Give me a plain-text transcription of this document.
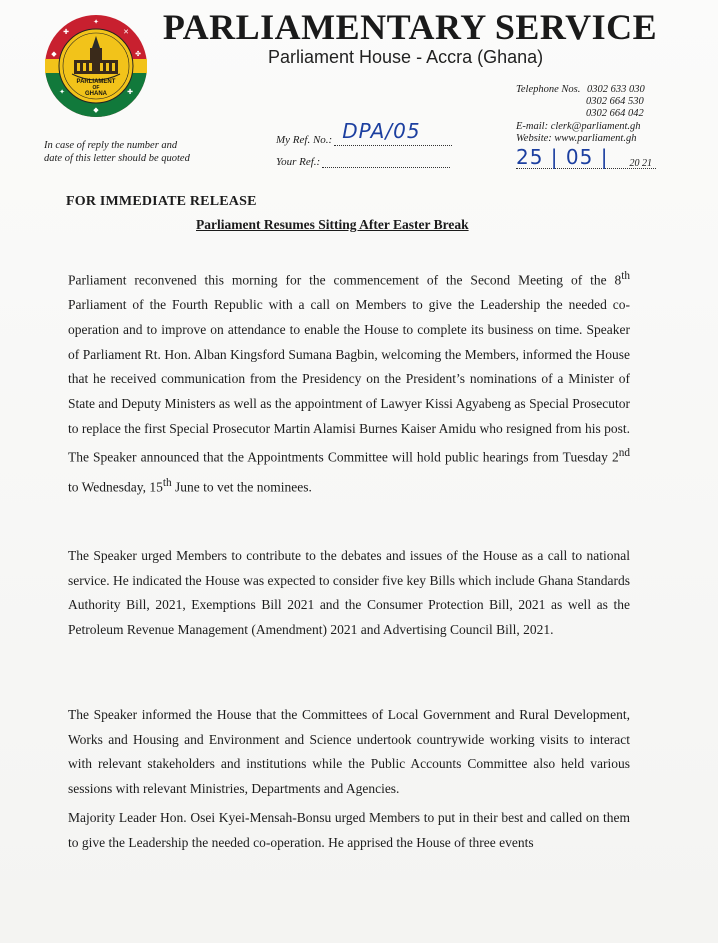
✦
✚	✕
◆	✤
✦	✚
◆
PARLIAMENT
OF
GHANA
PARLIAMENTARY SERVICE
Parliament House - Accra (Ghana)
Telephone Nos. 0302 633 030
0302 664 530
0302 664 042
E-mail: clerk@parliament.gh
Website: www.parliament.gh
In case of reply the number and date of this letter should be quoted
My Ref. No.: DPA/05
Your Ref.:	25 | 05 | 20 21
FOR IMMEDIATE RELEASE
Parliament Resumes Sitting After Easter Break

Parliament reconvened this morning for the commencement of the Second Meeting of the 8th Parliament of the Fourth Republic with a call on Members to give the Leadership the needed co-operation and to improve on attendance to enable the House to complete its business on time. Speaker of Parliament Rt. Hon. Alban Kingsford Sumana Bagbin, welcoming the Members, informed the House that he received communication from the Presidency on the President’s nominations of a Minister of State and Deputy Ministers as well as the appointment of Lawyer Kissi Agyabeng as Special Prosecutor to replace the first Special Prosecutor Martin Alamisi Burnes Kaiser Amidu who resigned from his post. The Speaker announced that the Appointments Committee will hold public hearings from Tuesday 2nd to Wednesday, 15th June to vet the nominees.

The Speaker urged Members to contribute to the debates and issues of the House as a call to national service. He indicated the House was expected to consider five key Bills which include Ghana Standards Authority Bill, 2021, Exemptions Bill 2021 and the Consumer Protection Bill, 2021 as well as the Petroleum Revenue Management (Amendment) 2021 and Advertising Council Bill, 2021.

The Speaker informed the House that the Committees of Local Government and Rural Development, Works and Housing and Environment and Science undertook countrywide working visits to interact with relevant stakeholders and institutions while the Public Accounts Committee also held various sessions with relevant Ministries, Departments and Agencies.

Majority Leader Hon. Osei Kyei-Mensah-Bonsu urged Members to put in their best and called on them to give the Leadership the needed co-operation. He apprised the House of three events
